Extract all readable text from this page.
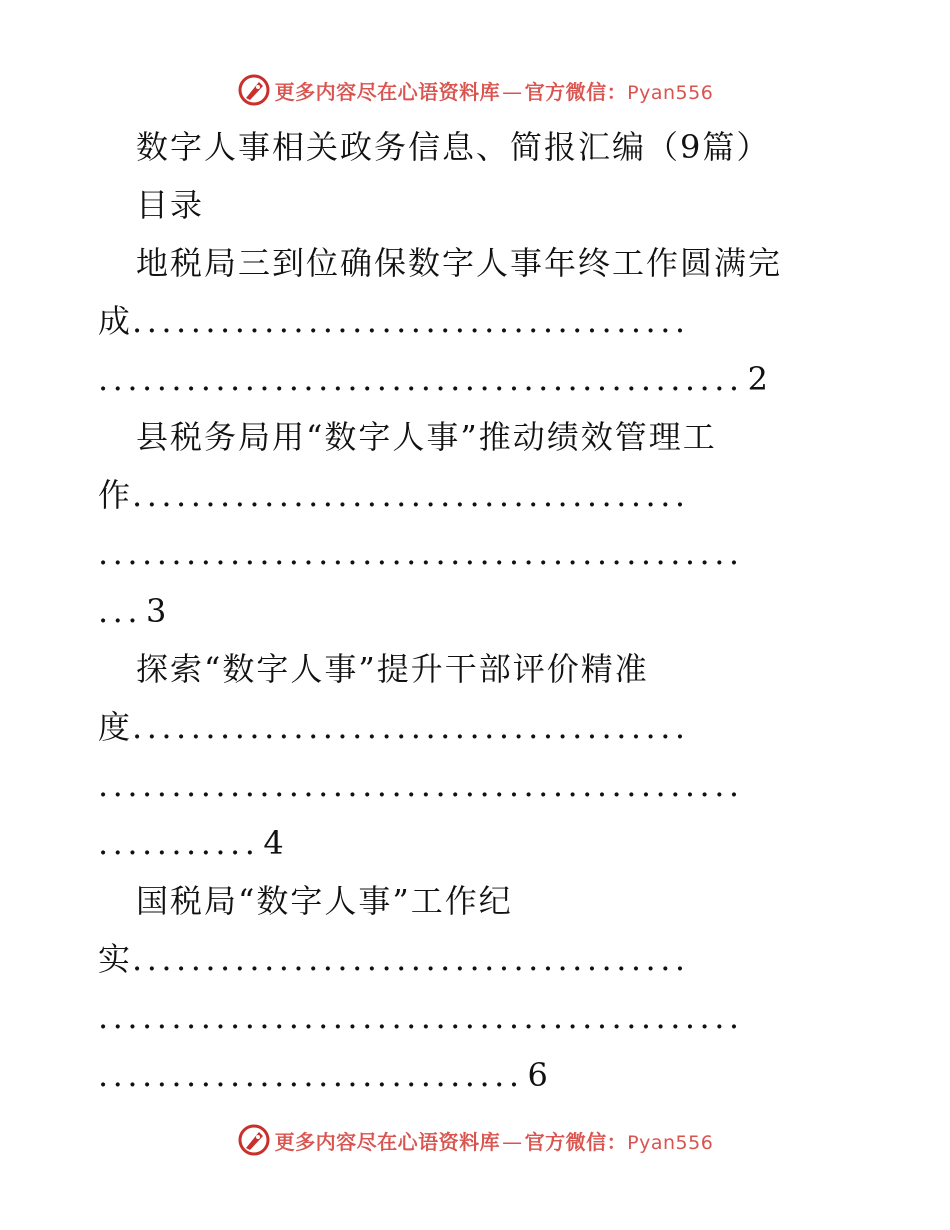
更多内容尽在心语资料库 — 官方微信：Pyan556
数字人事相关政务信息、简报汇编（9篇）
目录
地税局三到位确保数字人事年终工作圆满完
成......................................
............................................ 2
县税务局用“数字人事”推动绩效管理工
作......................................
............................................
... 3
探索“数字人事”提升干部评价精准
度......................................
............................................
........... 4
国税局“数字人事”工作纪
实......................................
............................................
............................. 6
更多内容尽在心语资料库 — 官方微信：Pyan556
